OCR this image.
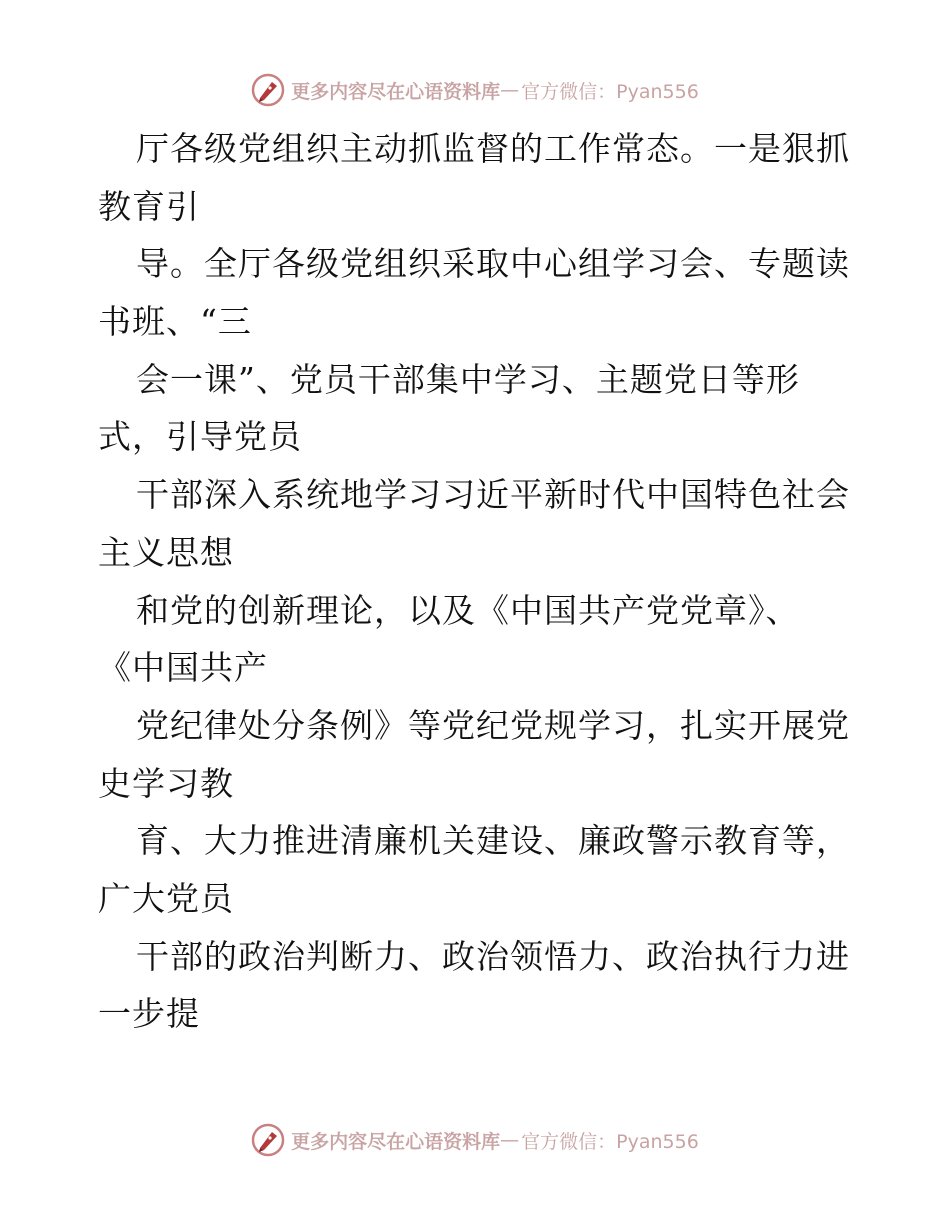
更多内容尽在心语资料库 — 官方微信：Pyan556
厅各级党组织主动抓监督的工作常态。一是狠抓
教育引
导。全厅各级党组织采取中心组学习会、专题读
书班、“三
会一课”、党员干部集中学习、主题党日等形
式，引导党员
干部深入系统地学习习近平新时代中国特色社会
主义思想
和党的创新理论，以及《中国共产党党章》、
《中国共产
党纪律处分条例》等党纪党规学习，扎实开展党
史学习教
育、大力推进清廉机关建设、廉政警示教育等，
广大党员
干部的政治判断力、政治领悟力、政治执行力进
一步提
更多内容尽在心语资料库 — 官方微信：Pyan556
